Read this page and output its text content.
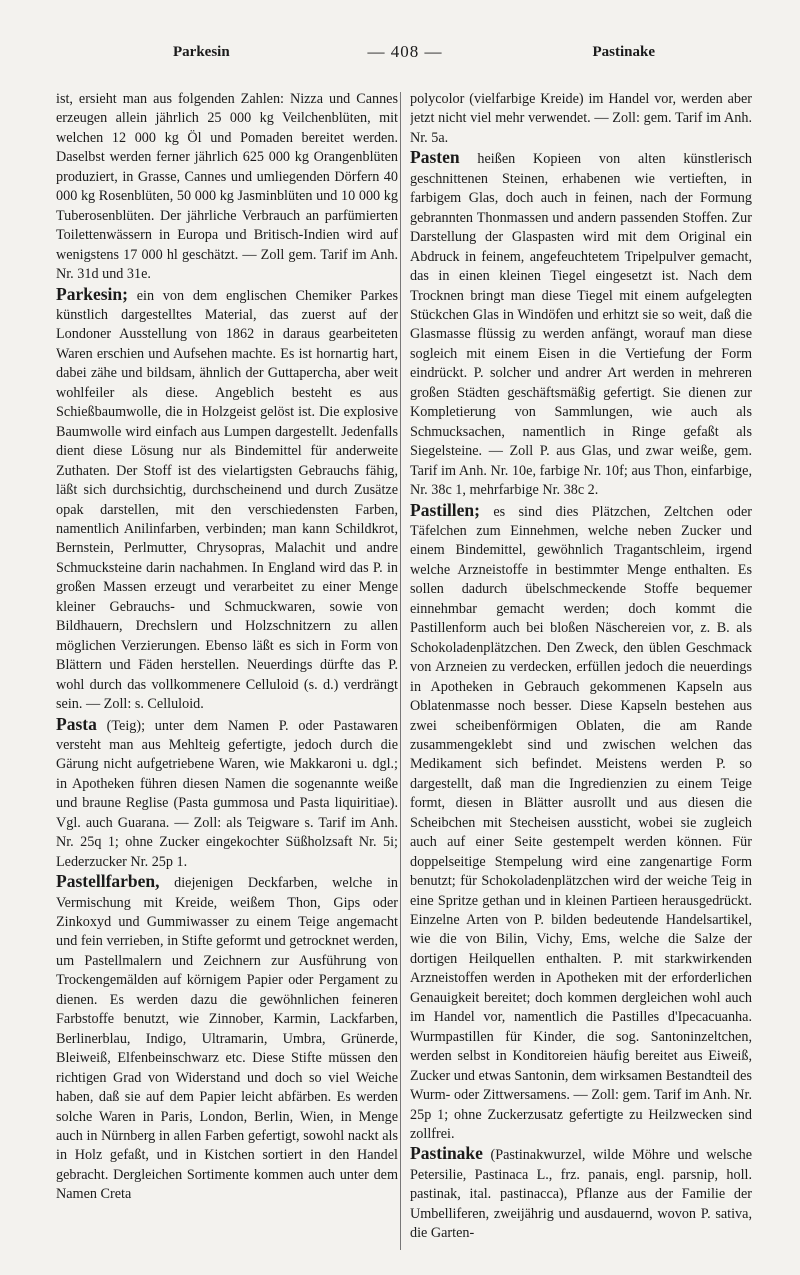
Parkesin	— 408 —	Pastinake

ist, ersieht man aus folgenden Zahlen: Nizza und Cannes erzeugen allein jährlich 25 000 kg Veilchenblüten, mit welchen 12 000 kg Öl und Pomaden bereitet werden. Daselbst werden ferner jährlich 625 000 kg Orangenblüten produziert, in Grasse, Cannes und umliegenden Dörfern 40 000 kg Rosenblüten, 50 000 kg Jasminblüten und 10 000 kg Tuberosenblüten. Der jährliche Verbrauch an parfümierten Toilettenwässern in Europa und Britisch-Indien wird auf wenigstens 17 000 hl geschätzt. — Zoll gem. Tarif im Anh. Nr. 31d und 31e.

Parkesin; ein von dem englischen Chemiker Parkes künstlich dargestelltes Material, das zuerst auf der Londoner Ausstellung von 1862 in daraus gearbeiteten Waren erschien und Aufsehen machte. Es ist hornartig hart, dabei zähe und bildsam, ähnlich der Guttapercha, aber weit wohlfeiler als diese. Angeblich besteht es aus Schießbaumwolle, die in Holzgeist gelöst ist. Die explosive Baumwolle wird einfach aus Lumpen dargestellt. Jedenfalls dient diese Lösung nur als Bindemittel für anderweite Zuthaten. Der Stoff ist des vielartigsten Gebrauchs fähig, läßt sich durchsichtig, durchscheinend und durch Zusätze opak darstellen, mit den verschiedensten Farben, namentlich Anilinfarben, verbinden; man kann Schildkrot, Bernstein, Perlmutter, Chrysopras, Malachit und andre Schmucksteine darin nachahmen. In England wird das P. in großen Massen erzeugt und verarbeitet zu einer Menge kleiner Gebrauchs- und Schmuckwaren, sowie von Bildhauern, Drechslern und Holzschnitzern zu allen möglichen Verzierungen. Ebenso läßt es sich in Form von Blättern und Fäden herstellen. Neuerdings dürfte das P. wohl durch das vollkommenere Celluloid (s. d.) verdrängt sein. — Zoll: s. Celluloid.

Pasta (Teig); unter dem Namen P. oder Pastawaren versteht man aus Mehlteig gefertigte, jedoch durch die Gärung nicht aufgetriebene Waren, wie Makkaroni u. dgl.; in Apotheken führen diesen Namen die sogenannte weiße und braune Reglise (Pasta gummosa und Pasta liquiritiae). Vgl. auch Guarana. — Zoll: als Teigware s. Tarif im Anh. Nr. 25q 1; ohne Zucker eingekochter Süßholzsaft Nr. 5i; Lederzucker Nr. 25p 1.

Pastellfarben, diejenigen Deckfarben, welche in Vermischung mit Kreide, weißem Thon, Gips oder Zinkoxyd und Gummiwasser zu einem Teige angemacht und fein verrieben, in Stifte geformt und getrocknet werden, um Pastellmalern und Zeichnern zur Ausführung von Trockengemälden auf körnigem Papier oder Pergament zu dienen. Es werden dazu die gewöhnlichen feineren Farbstoffe benutzt, wie Zinnober, Karmin, Lackfarben, Berlinerblau, Indigo, Ultramarin, Umbra, Grünerde, Bleiweiß, Elfenbeinschwarz etc. Diese Stifte müssen den richtigen Grad von Widerstand und doch so viel Weiche haben, daß sie auf dem Papier leicht abfärben. Es werden solche Waren in Paris, London, Berlin, Wien, in Menge auch in Nürnberg in allen Farben gefertigt, sowohl nackt als in Holz gefaßt, und in Kistchen sortiert in den Handel gebracht. Dergleichen Sortimente kommen auch unter dem Namen Creta

polycolor (vielfarbige Kreide) im Handel vor, werden aber jetzt nicht viel mehr verwendet. — Zoll: gem. Tarif im Anh. Nr. 5a.

Pasten heißen Kopieen von alten künstlerisch geschnittenen Steinen, erhabenen wie vertieften, in farbigem Glas, doch auch in feinen, nach der Formung gebrannten Thonmassen und andern passenden Stoffen. Zur Darstellung der Glaspasten wird mit dem Original ein Abdruck in feinem, angefeuchtetem Tripelpulver gemacht, das in einen kleinen Tiegel eingesetzt ist. Nach dem Trocknen bringt man diese Tiegel mit einem aufgelegten Stückchen Glas in Windöfen und erhitzt sie so weit, daß die Glasmasse flüssig zu werden anfängt, worauf man diese sogleich mit einem Eisen in die Vertiefung der Form eindrückt. P. solcher und andrer Art werden in mehreren großen Städten geschäftsmäßig gefertigt. Sie dienen zur Kompletierung von Sammlungen, wie auch als Schmucksachen, namentlich in Ringe gefaßt als Siegelsteine. — Zoll P. aus Glas, und zwar weiße, gem. Tarif im Anh. Nr. 10e, farbige Nr. 10f; aus Thon, einfarbige, Nr. 38c 1, mehrfarbige Nr. 38c 2.

Pastillen; es sind dies Plätzchen, Zeltchen oder Täfelchen zum Einnehmen, welche neben Zucker und einem Bindemittel, gewöhnlich Tragantschleim, irgend welche Arzneistoffe in bestimmter Menge enthalten. Es sollen dadurch übelschmeckende Stoffe bequemer einnehmbar gemacht werden; doch kommt die Pastillenform auch bei bloßen Näschereien vor, z. B. als Schokoladenplätzchen. Den Zweck, den üblen Geschmack von Arzneien zu verdecken, erfüllen jedoch die neuerdings in Apotheken in Gebrauch gekommenen Kapseln aus Oblatenmasse noch besser. Diese Kapseln bestehen aus zwei scheibenförmigen Oblaten, die am Rande zusammengeklebt sind und zwischen welchen das Medikament sich befindet. Meistens werden P. so dargestellt, daß man die Ingredienzien zu einem Teige formt, diesen in Blätter ausrollt und aus diesen die Scheibchen mit Stecheisen aussticht, wobei sie zugleich auch auf einer Seite gestempelt werden können. Für doppelseitige Stempelung wird eine zangenartige Form benutzt; für Schokoladenplätzchen wird der weiche Teig in eine Spritze gethan und in kleinen Partieen herausgedrückt. Einzelne Arten von P. bilden bedeutende Handelsartikel, wie die von Bilin, Vichy, Ems, welche die Salze der dortigen Heilquellen enthalten. P. mit starkwirkenden Arzneistoffen werden in Apotheken mit der erforderlichen Genauigkeit bereitet; doch kommen dergleichen wohl auch im Handel vor, namentlich die Pastilles d'Ipecacuanha. Wurmpastillen für Kinder, die sog. Santoninzeltchen, werden selbst in Konditoreien häufig bereitet aus Eiweiß, Zucker und etwas Santonin, dem wirksamen Bestandteil des Wurm- oder Zittwersamens. — Zoll: gem. Tarif im Anh. Nr. 25p 1; ohne Zuckerzusatz gefertigte zu Heilzwecken sind zollfrei.

Pastinake (Pastinakwurzel, wilde Möhre und welsche Petersilie, Pastinaca L., frz. panais, engl. parsnip, holl. pastinak, ital. pastinacca), Pflanze aus der Familie der Umbelliferen, zweijährig und ausdauernd, wovon P. sativa, die Garten-
